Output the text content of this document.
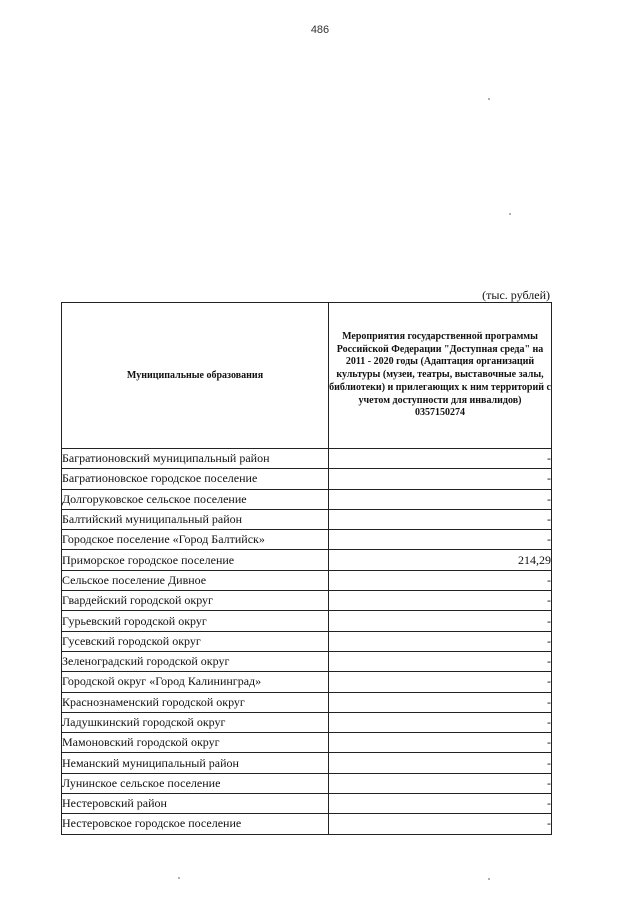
486
(тыс. рублей)
Муниципальные образования	Мероприятия государственной программы Российской Федерации "Доступная среда" на 2011 - 2020 годы (Адаптация организаций культуры (музеи, театры, выставочные залы, библиотеки) и прилегающих к ним территорий с учетом доступности для инвалидов)
0357150274

Багратионовский муниципальный район	-
Багратионовское городское поселение	-
Долгоруковское сельское поселение	-
Балтийский муниципальный район	-
Городское поселение «Город Балтийск»	-
Приморское городское поселение	214,29
Сельское поселение Дивное	-
Гвардейский городской округ	-
Гурьевский городской округ	-
Гусевский городской округ	-
Зеленоградский городской округ	-
Городской округ «Город Калининград»	-
Краснознаменский городской округ	-
Ладушкинский городской округ	-
Мамоновский городской округ	-
Неманский муниципальный район	-
Лунинское сельское поселение	-
Нестеровский район	-
Нестеровское городское поселение	-
